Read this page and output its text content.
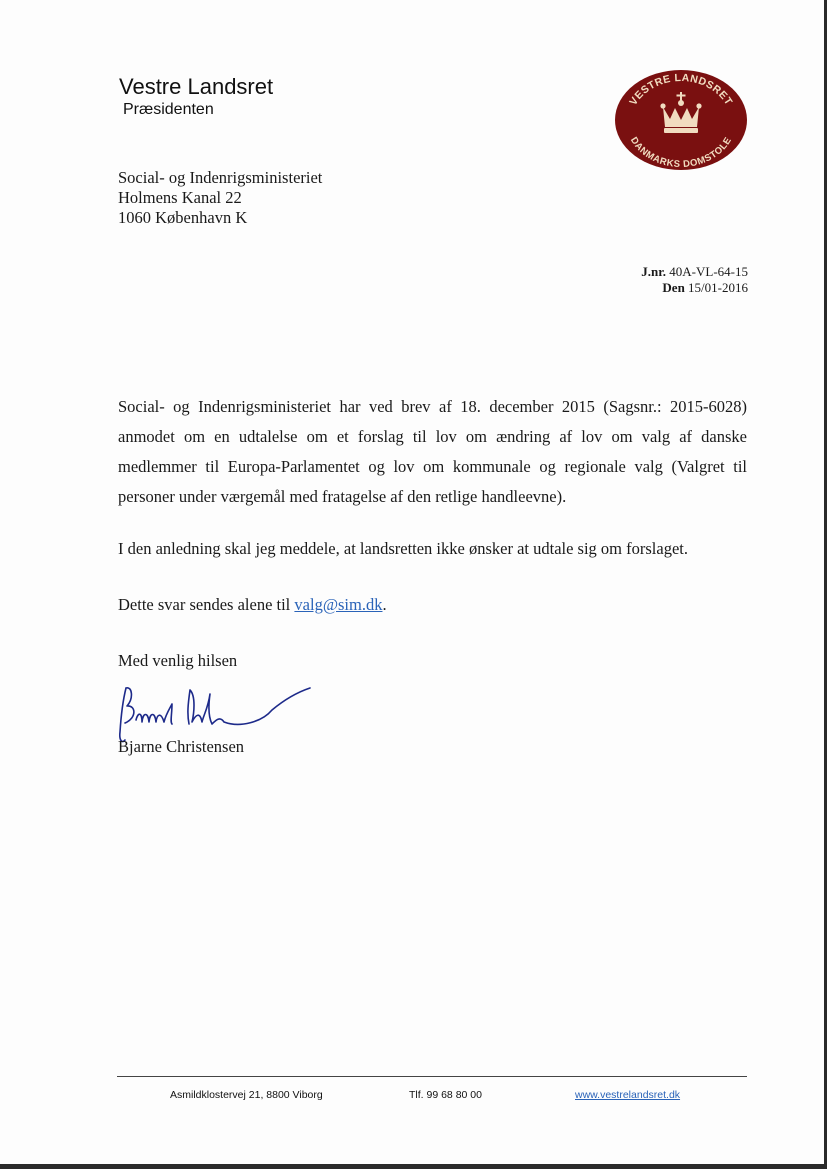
Vestre Landsret
Præsidenten	VESTRE LANDSRET
DANMARKS DOMSTOLE
Social- og Indenrigsministeriet
Holmens Kanal 22
1060 København K
J.nr. 40A-VL-64-15
Den 15/01-2016
Social- og Indenrigsministeriet har ved brev af 18. december 2015 (Sagsnr.: 2015-6028) anmodet om en udtalelse om et forslag til lov om ændring af lov om valg af danske medlemmer til Europa-Parlamentet og lov om kommunale og regionale valg (Valgret til personer under værgemål med fratagelse af den retlige handleevne).
I den anledning skal jeg meddele, at landsretten ikke ønsker at udtale sig om forslaget.
Dette svar sendes alene til valg@sim.dk.
Med venlig hilsen
Bjarne Christensen
Asmildklostervej 21, 8800 Viborg	Tlf. 99 68 80 00	www.vestrelandsret.dk
